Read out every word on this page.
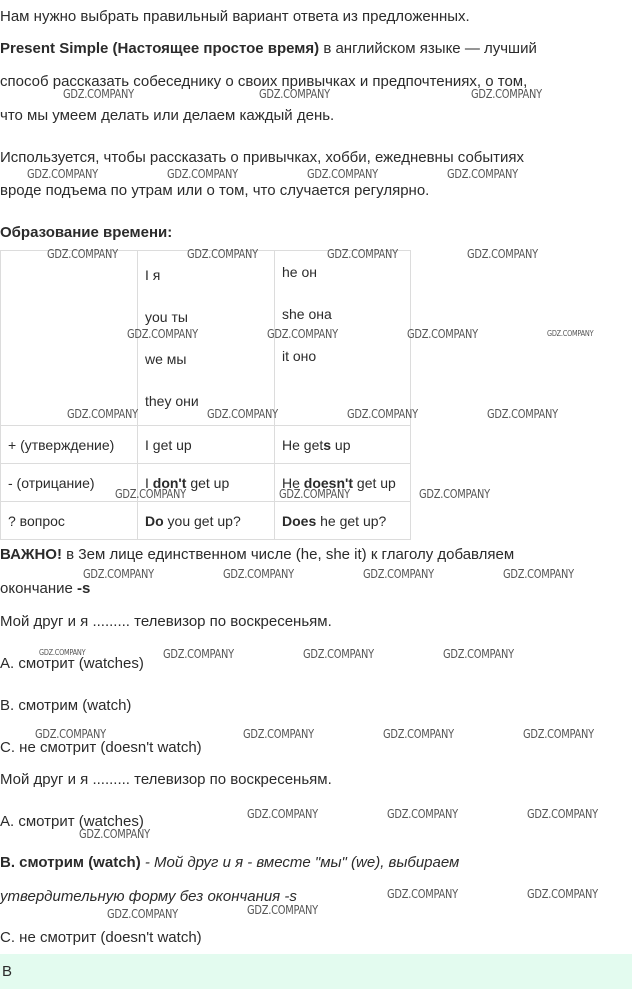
Нам нужно выбрать правильный вариант ответа из предложенных.
Present Simple (Настоящее простое время) в английском языке — лучший
способ рассказать собеседнику о своих привычках и предпочтениях, о том,
что мы умеем делать или делаем каждый день.
Используется, чтобы рассказать о привычках, хобби, ежедневны событиях
вроде подъема по утрам или о том, что случается регулярно.
Образование времени:

	I я
you ты
we мы
they они	he он
she она
it оно

+ (утверждение)	I get up	He gets up
- (отрицание)	I don't get up	He doesn't get up
? вопрос	Do you get up?	Does he get up?
ВАЖНО! в 3ем лице единственном числе (he, she it) к глаголу добавляем
окончание -s
Мой друг и я ......... телевизор по воскресеньям.
A. смотрит (watches)
B. смотрим (watch)
C. не смотрит (doesn't watch)
Мой друг и я ......... телевизор по воскресеньям.
A. смотрит (watches)
B. смотрим (watch) - Мой друг и я - вместе "мы" (we), выбираем
утвердительную форму без окончания -s
C. не смотрит (doesn't watch)
B
GDZ.COMPANY	GDZ.COMPANY	GDZ.COMPANY
GDZ.COMPANY	GDZ.COMPANY	GDZ.COMPANY	GDZ.COMPANY
GDZ.COMPANY	GDZ.COMPANY	GDZ.COMPANY	GDZ.COMPANY
GDZ.COMPANY	GDZ.COMPANY	GDZ.COMPANY	GDZ.COMPANY
GDZ.COMPANY	GDZ.COMPANY	GDZ.COMPANY	GDZ.COMPANY
GDZ.COMPANY	GDZ.COMPANY	GDZ.COMPANY
GDZ.COMPANY	GDZ.COMPANY	GDZ.COMPANY	GDZ.COMPANY
GDZ.COMPANY	GDZ.COMPANY	GDZ.COMPANY	GDZ.COMPANY
GDZ.COMPANY	GDZ.COMPANY	GDZ.COMPANY	GDZ.COMPANY
GDZ.COMPANY	GDZ.COMPANY	GDZ.COMPANY
GDZ.COMPANY
GDZ.COMPANY	GDZ.COMPANY
GDZ.COMPANY	GDZ.COMPANY
